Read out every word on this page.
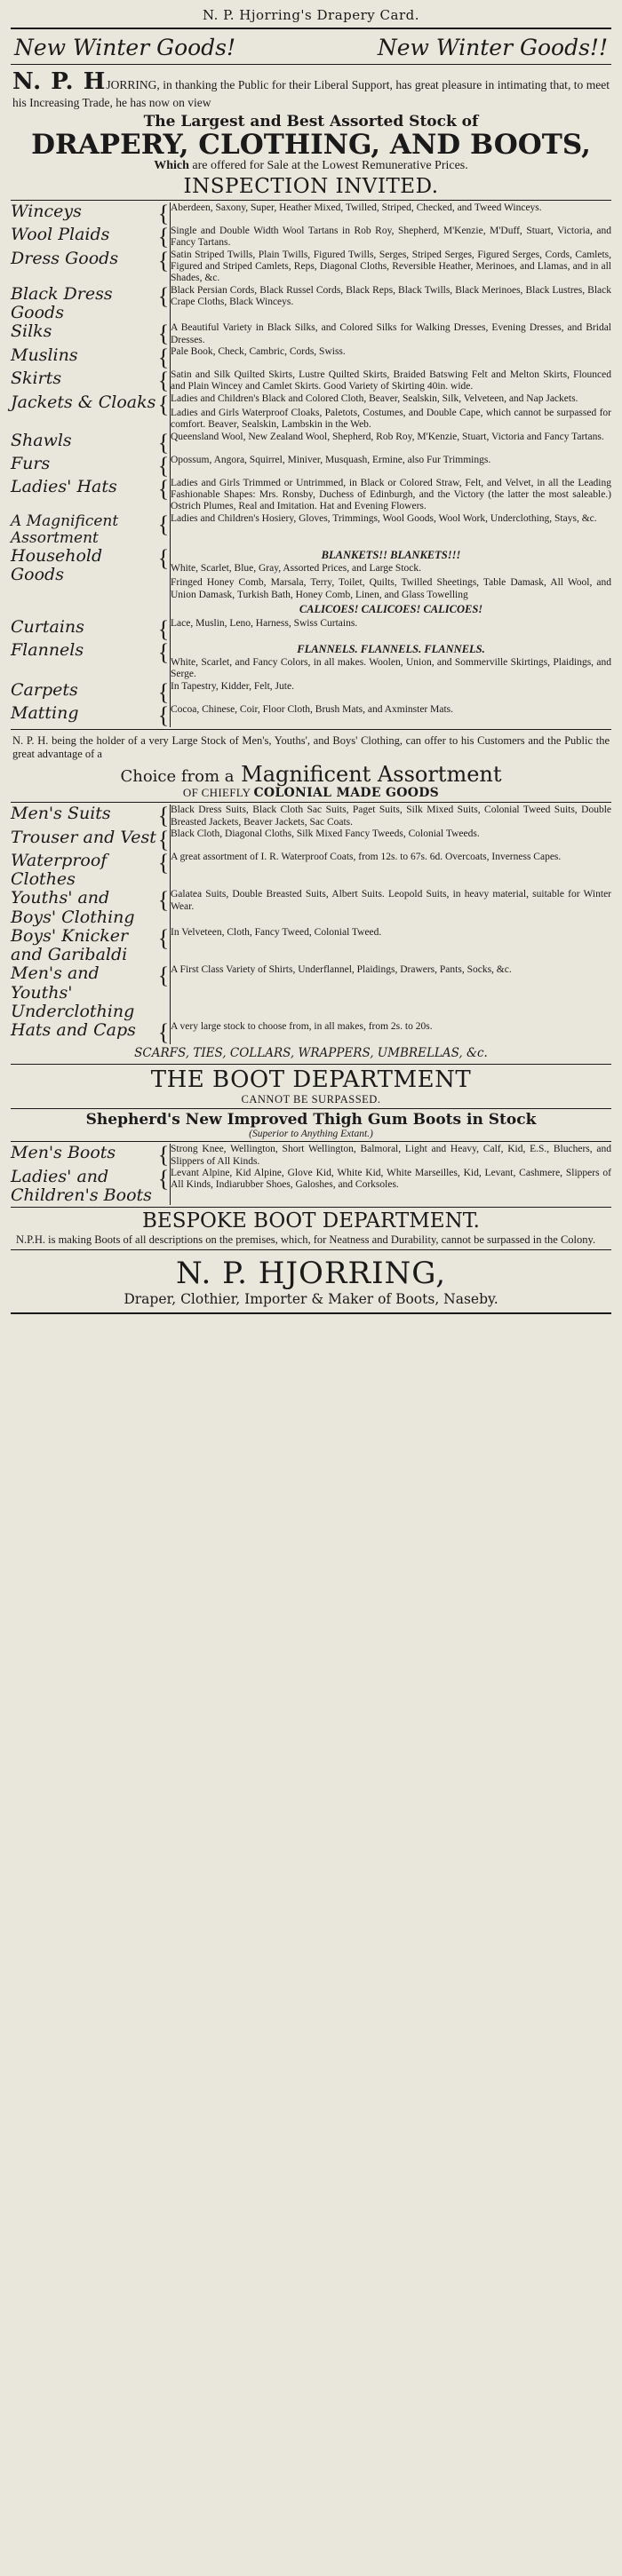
N. P. Hjorring's Drapery Card.
New Winter Goods!	New Winter Goods!!
N. P. HJORRING, in thanking the Public for their Liberal Support, has great pleasure in intimating that, to meet his Increasing Trade, he has now on view
The Largest and Best Assorted Stock of
DRAPERY, CLOTHING, AND BOOTS,
Which are offered for Sale at the Lowest Remunerative Prices.
INSPECTION INVITED.
Winceys	{	Aberdeen, Saxony, Super, Heather Mixed, Twilled, Striped, Checked, and Tweed Winceys.
Wool Plaids	{	Single and Double Width Wool Tartans in Rob Roy, Shepherd, M'Kenzie, M'Duff, Stuart, Victoria, and Fancy Tartans.
Dress Goods	{	Satin Striped Twills, Plain Twills, Figured Twills, Serges, Striped Serges, Figured Serges, Cords, Camlets, Figured and Striped Camlets, Reps, Diagonal Cloths, Reversible Heather, Merinoes, and Llamas, and in all Shades, &c.
Black Dress Goods	{	Black Persian Cords, Black Russel Cords, Black Reps, Black Twills, Black Merinoes, Black Lustres, Black Crape Cloths, Black Winceys.
Silks	{	A Beautiful Variety in Black Silks, and Colored Silks for Walking Dresses, Evening Dresses, and Bridal Dresses.
Muslins	{	Pale Book, Check, Cambric, Cords, Swiss.
Skirts	{	Satin and Silk Quilted Skirts, Lustre Quilted Skirts, Braided Batswing Felt and Melton Skirts, Flounced and Plain Wincey and Camlet Skirts. Good Variety of Skirting 40in. wide.
Jackets & Cloaks	{	Ladies and Children's Black and Colored Cloth, Beaver, Sealskin, Silk, Velveteen, and Nap Jackets.
Ladies and Girls Waterproof Cloaks, Paletots, Costumes, and Double Cape, which cannot be surpassed for comfort. Beaver, Sealskin, Lambskin in the Web.

Shawls	{	Queensland Wool, New Zealand Wool, Shepherd, Rob Roy, M'Kenzie, Stuart, Victoria and Fancy Tartans.
Furs	{	Opossum, Angora, Squirrel, Miniver, Musquash, Ermine, also Fur Trimmings.
Ladies' Hats	{	Ladies and Girls Trimmed or Untrimmed, in Black or Colored Straw, Felt, and Velvet, in all the Leading Fashionable Shapes: Mrs. Ronsby, Duchess of Edinburgh, and the Victory (the latter the most saleable.) Ostrich Plumes, Real and Imitation. Hat and Evening Flowers.
A Magnificent Assortment	{	Ladies and Children's Hosiery, Gloves, Trimmings, Wool Goods, Wool Work, Underclothing, Stays, &c.
Household Goods	{	BLANKETS!! BLANKETS!!!
White, Scarlet, Blue, Gray, Assorted Prices, and Large Stock.
Fringed Honey Comb, Marsala, Terry, Toilet, Quilts, Twilled Sheetings, Table Damask, All Wool, and Union Damask, Turkish Bath, Honey Comb, Linen, and Glass Towelling
CALICOES! CALICOES! CALICOES!

Curtains	{	Lace, Muslin, Leno, Harness, Swiss Curtains.
Flannels	{	FLANNELS. FLANNELS. FLANNELS.
White, Scarlet, and Fancy Colors, in all makes. Woolen, Union, and Sommerville Skirtings, Plaidings, and Serge.

Carpets	{	In Tapestry, Kidder, Felt, Jute.
Matting	{	Cocoa, Chinese, Coir, Floor Cloth, Brush Mats, and Axminster Mats.
N. P. H. being the holder of a very Large Stock of Men's, Youths', and Boys' Clothing, can offer to his Customers and the Public the great advantage of a
Choice from a Magnificent Assortment
OF CHIEFLY COLONIAL MADE GOODS
Men's Suits	{	Black Dress Suits, Black Cloth Sac Suits, Paget Suits, Silk Mixed Suits, Colonial Tweed Suits, Double Breasted Jackets, Beaver Jackets, Sac Coats.
Trouser and Vest	{	Black Cloth, Diagonal Cloths, Silk Mixed Fancy Tweeds, Colonial Tweeds.
Waterproof Clothes	{	A great assortment of I. R. Waterproof Coats, from 12s. to 67s. 6d. Overcoats, Inverness Capes.
Youths' and Boys' Clothing	{	Galatea Suits, Double Breasted Suits, Albert Suits. Leopold Suits, in heavy material, suitable for Winter Wear.
Boys' Knicker and Garibaldi	{	In Velveteen, Cloth, Fancy Tweed, Colonial Tweed.
Men's and Youths' Underclothing	{	A First Class Variety of Shirts, Underflannel, Plaidings, Drawers, Pants, Socks, &c.
Hats and Caps	{	A very large stock to choose from, in all makes, from 2s. to 20s.
SCARFS, TIES, COLLARS, WRAPPERS, UMBRELLAS, &c.
THE BOOT DEPARTMENT
CANNOT BE SURPASSED.
Shepherd's New Improved Thigh Gum Boots in Stock
(Superior to Anything Extant.)
Men's Boots	{	Strong Knee, Wellington, Short Wellington, Balmoral, Light and Heavy, Calf, Kid, E.S., Bluchers, and Slippers of All Kinds.
Ladies' and Children's Boots	{	Levant Alpine, Kid Alpine, Glove Kid, White Kid, White Marseilles, Kid, Levant, Cashmere, Slippers of All Kinds, Indiarubber Shoes, Galoshes, and Corksoles.
BESPOKE BOOT DEPARTMENT.
N.P.H. is making Boots of all descriptions on the premises, which, for Neatness and Durability, cannot be surpassed in the Colony.
N. P. HJORRING,
Draper, Clothier, Importer & Maker of Boots, Naseby.
